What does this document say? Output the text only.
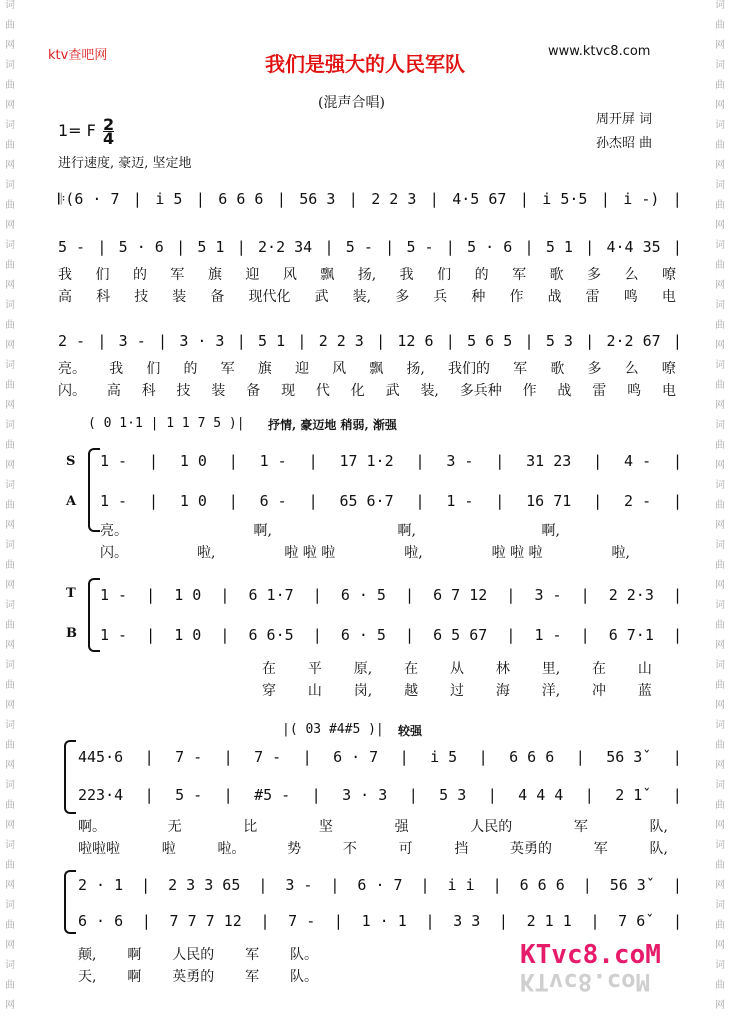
词
曲
网
词
曲
网
词
曲
网
词
曲
网
词
曲
网
词
曲
网
词
曲
网
词
曲
网
词
曲
网
词
曲
网
词
曲
网
词
曲
网
词
曲
网
词
曲
网
词
曲
网
词
曲
网
词
曲
网
词
曲
网
词
曲
网
词
曲
网
词
曲
网
词
曲
网
词
曲
网
词
曲
网
词
曲
网
词
曲
网
词
曲
网
词
曲
网
词
曲
网
词
曲
网
词
曲
网
词
曲
网
词
曲
网
词
曲
网
ktv查吧网	我们是强大的人民军队
www.ktvc8.com
(混声合唱)
1= F $\frac{2}{4}$	周开屏 词
孙杰昭 曲
进行速度, 豪迈, 坚定地
𝄆(6 · 7 | i 5 | 6 6 6 | 56 3 | 2 2 3 | 4·5 67 | i 5·5 | i -) |
5 - | 5 · 6 | 5 1 | 2·2 34 | 5 - | 5 - | 5 · 6 | 5 1 | 4·4 35 |
我 们 的 军 旗 迎 风 飘 扬, 我 们 的 军 歌 多 么 嘹
高 科 技 装 备 现代化 武 装, 多 兵 种 作 战 雷 鸣 电
2 - | 3 - | 3 · 3 | 5 1 | 2 2 3 | 12 6 | 5 6 5 | 5 3 | 2·2 67 |
亮。 我 们 的 军 旗 迎 风 飘 扬, 我们的 军 歌 多 么 嘹
闪。 高 科 技 装 备 现 代 化 武 装, 多兵种 作 战 雷 鸣 电
( 0 1·1 | 1 1 7 5 )| 抒情, 豪迈地 稍弱, 渐强
S
A
T
B
1 - | 1 0 | 1 - | 17 1·2 | 3 - | 31 23 | 4 - |
1 - | 1 0 | 6 - | 65 6·7 | 1 - | 16 71 | 2 - |
亮。	啊,	啊,	啊,
闪。	啦,	啦 啦 啦	啦,	啦 啦 啦	啦,
1 - | 1 0 | 6 1·7 | 6 · 5 | 6 7 12 | 3 - | 2 2·3 |
1 - | 1 0 | 6 6·5 | 6 · 5 | 6 5 67 | 1 - | 6 7·1 |
在 平 原, 在 从 林 里, 在 山
穿 山 岗, 越 过 海 洋, 冲 蓝
|( 03 #4#5 )| 较强
445·6 | 7 - | 7 - | 6 · 7 | i 5 | 6 6 6 | 56 3ˇ |
223·4 | 5 - | #5 - | 3 · 3 | 5 3 | 4 4 4 | 2 1ˇ |
啊。	无	比	坚	强	人民的	军	队,
啦啦啦	啦	啦。	势	不	可	挡	英勇的	军	队,
2 · 1 | 2 3 3 65 | 3 - | 6 · 7 | i i | 6 6 6 | 56 3ˇ |
6 · 6 | 7 7 7 12 | 7 - | 1 · 1 | 3 3 | 2 1 1 | 7 6ˇ |
颠, 啊 人民的 军 队。
天, 啊 英勇的 军 队。
KTvc8.coM
KTvc8.coM
